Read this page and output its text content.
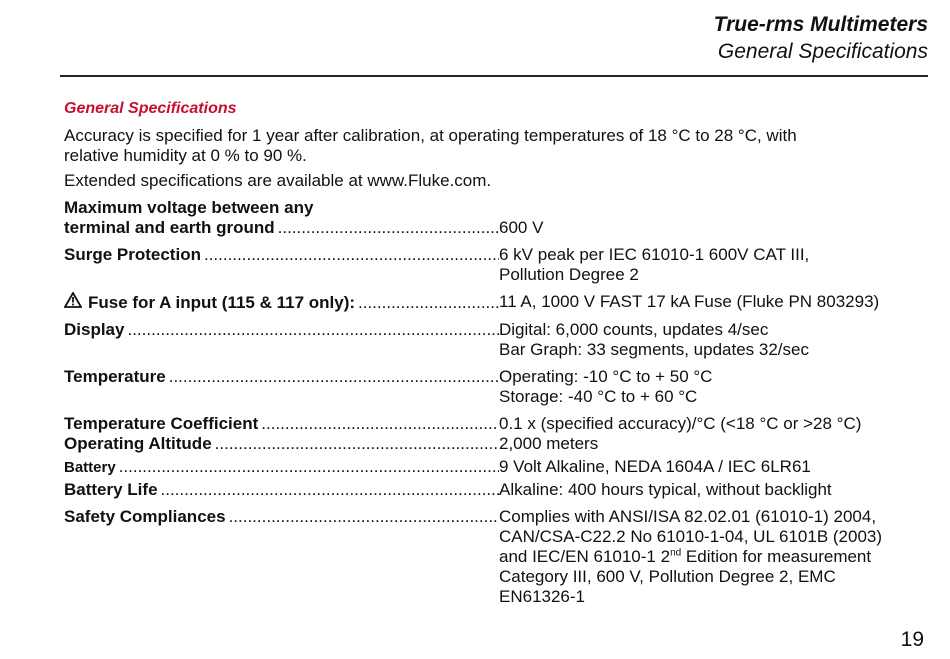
True-rms Multimeters
General Specifications
General Specifications
Accuracy is specified for 1 year after calibration, at operating temperatures of 18 °C to 28 °C, with
relative humidity at 0 % to 90 %.
Extended specifications are available at www.Fluke.com.
Maximum voltage between any
terminal and earth ground .....
	600 V
Surge Protection .....	6 kV peak per IEC 61010-1 600V CAT III,
Pollution Degree 2
Fuse for A input (115 & 117 only): .....	11 A, 1000 V FAST 17 kA Fuse (Fluke PN 803293)
Display .....	Digital: 6,000 counts, updates 4/sec
Bar Graph: 33 segments, updates 32/sec
Temperature .....	Operating: -10 °C to + 50 °C
Storage: -40 °C to + 60 °C
Temperature Coefficient .....	0.1 x (specified accuracy)/°C (<18 °C or >28 °C)
Operating Altitude .....	2,000 meters
Battery .....	9 Volt Alkaline, NEDA 1604A / IEC 6LR61
Battery Life .....	Alkaline: 400 hours typical, without backlight
Safety Compliances .....	Complies with ANSI/ISA 82.02.01 (61010-1) 2004,
CAN/CSA-C22.2 No 61010-1-04, UL 6101B (2003)
and IEC/EN 61010-1 2nd Edition for measurement
Category III, 600 V, Pollution Degree 2, EMC
EN61326-1
19
